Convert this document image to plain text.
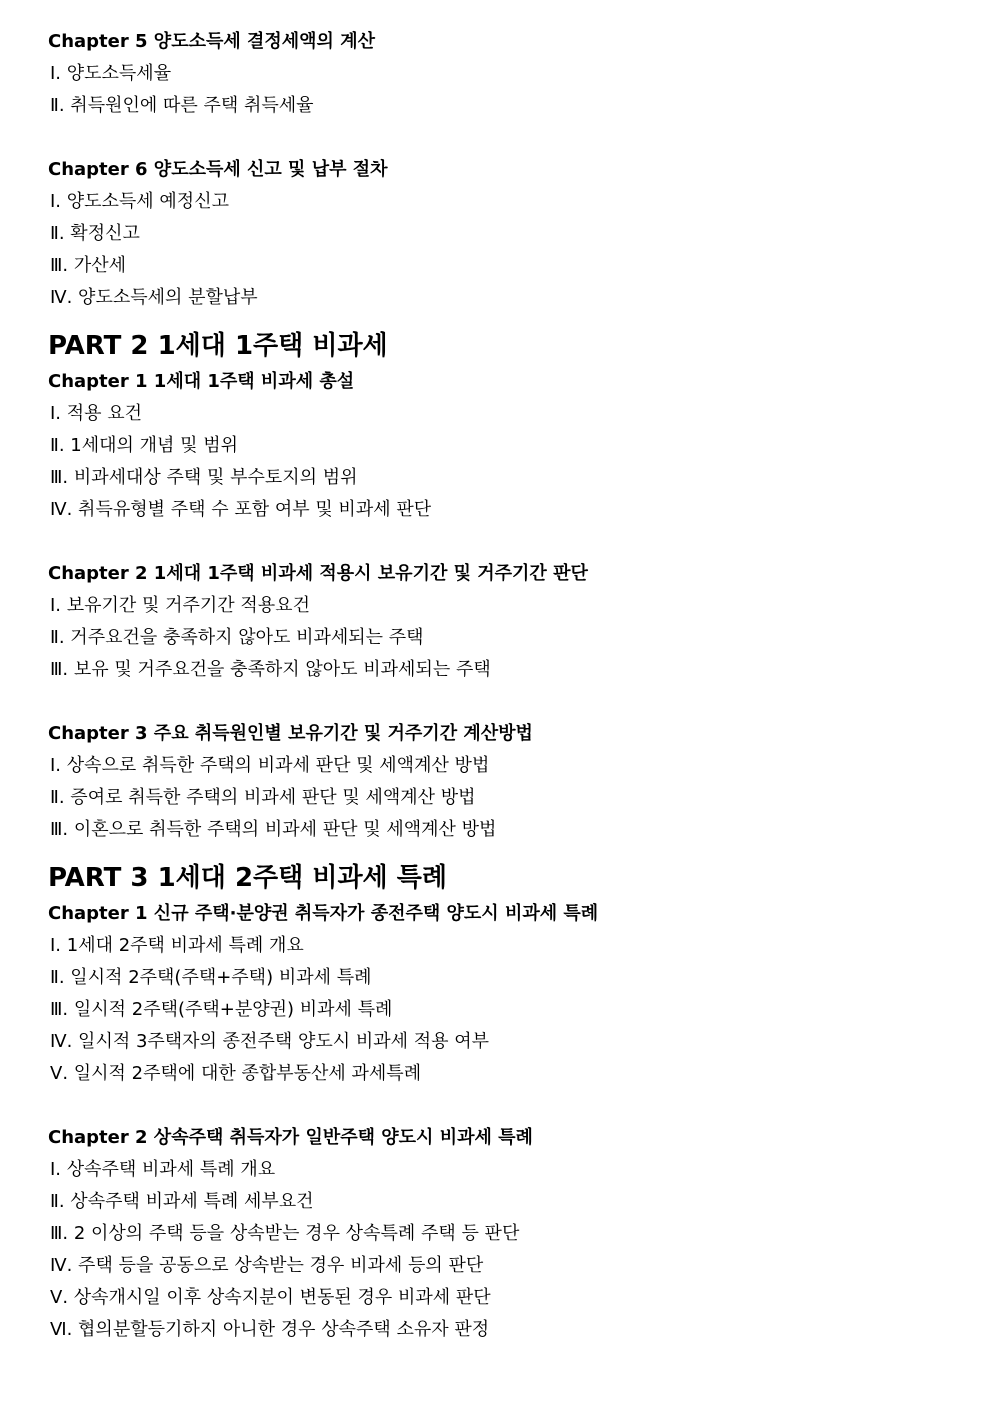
Chapter 5 양도소득세 결정세액의 계산
Ⅰ. 양도소득세율
Ⅱ. 취득원인에 따른 주택 취득세율
Chapter 6 양도소득세 신고 및 납부 절차
Ⅰ. 양도소득세 예정신고
Ⅱ. 확정신고
Ⅲ. 가산세
Ⅳ. 양도소득세의 분할납부
PART 2 1세대 1주택 비과세
Chapter 1 1세대 1주택 비과세 총설
Ⅰ. 적용 요건
Ⅱ. 1세대의 개념 및 범위
Ⅲ. 비과세대상 주택 및 부수토지의 범위
Ⅳ. 취득유형별 주택 수 포함 여부 및 비과세 판단
Chapter 2 1세대 1주택 비과세 적용시 보유기간 및 거주기간 판단
Ⅰ. 보유기간 및 거주기간 적용요건
Ⅱ. 거주요건을 충족하지 않아도 비과세되는 주택
Ⅲ. 보유 및 거주요건을 충족하지 않아도 비과세되는 주택
Chapter 3 주요 취득원인별 보유기간 및 거주기간 계산방법
Ⅰ. 상속으로 취득한 주택의 비과세 판단 및 세액계산 방법
Ⅱ. 증여로 취득한 주택의 비과세 판단 및 세액계산 방법
Ⅲ. 이혼으로 취득한 주택의 비과세 판단 및 세액계산 방법
PART 3 1세대 2주택 비과세 특례
Chapter 1 신규 주택·분양권 취득자가 종전주택 양도시 비과세 특례
Ⅰ. 1세대 2주택 비과세 특례 개요
Ⅱ. 일시적 2주택(주택+주택) 비과세 특례
Ⅲ. 일시적 2주택(주택+분양권) 비과세 특례
Ⅳ. 일시적 3주택자의 종전주택 양도시 비과세 적용 여부
Ⅴ. 일시적 2주택에 대한 종합부동산세 과세특례
Chapter 2 상속주택 취득자가 일반주택 양도시 비과세 특례
Ⅰ. 상속주택 비과세 특례 개요
Ⅱ. 상속주택 비과세 특례 세부요건
Ⅲ. 2 이상의 주택 등을 상속받는 경우 상속특례 주택 등 판단
Ⅳ. 주택 등을 공동으로 상속받는 경우 비과세 등의 판단
Ⅴ. 상속개시일 이후 상속지분이 변동된 경우 비과세 판단
Ⅵ. 협의분할등기하지 아니한 경우 상속주택 소유자 판정
